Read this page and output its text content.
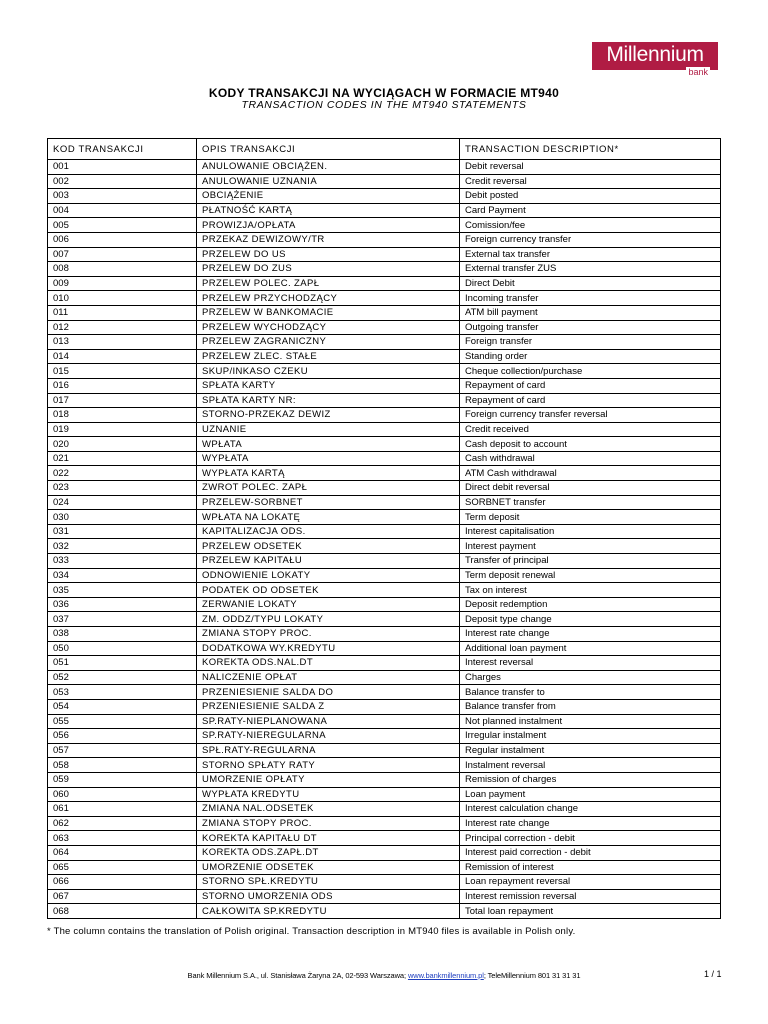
Millennium
bank
KODY TRANSAKCJI NA WYCIĄGACH W FORMACIE MT940
TRANSACTION CODES IN THE MT940 STATEMENTS
KOD TRANSAKCJI	OPIS TRANSAKCJI	TRANSACTION DESCRIPTION*
001	ANULOWANIE OBCIĄŻEN.	Debit reversal
002	ANULOWANIE UZNANIA	Credit reversal
003	OBCIĄŻENIE	Debit posted
004	PŁATNOŚĆ KARTĄ	Card Payment
005	PROWIZJA/OPŁATA	Comission/fee
006	PRZEKAZ DEWIZOWY/TR	Foreign currency transfer
007	PRZELEW DO US	External tax transfer
008	PRZELEW DO ZUS	External transfer ZUS
009	PRZELEW POLEC. ZAPŁ	Direct Debit
010	PRZELEW PRZYCHODZĄCY	Incoming transfer
011	PRZELEW W BANKOMACIE	ATM bill payment
012	PRZELEW WYCHODZĄCY	Outgoing transfer
013	PRZELEW ZAGRANICZNY	Foreign transfer
014	PRZELEW ZLEC. STAŁE	Standing order
015	SKUP/INKASO CZEKU	Cheque collection/purchase
016	SPŁATA KARTY	Repayment of card
017	SPŁATA KARTY NR:	Repayment of card
018	STORNO-PRZEKAZ DEWIZ	Foreign currency transfer reversal
019	UZNANIE	Credit received
020	WPŁATA	Cash deposit to account
021	WYPŁATA	Cash withdrawal
022	WYPŁATA KARTĄ	ATM Cash withdrawal
023	ZWROT POLEC. ZAPŁ	Direct debit reversal
024	PRZELEW-SORBNET	SORBNET transfer
030	WPŁATA NA LOKATĘ	Term deposit
031	KAPITALIZACJA ODS.	Interest capitalisation
032	PRZELEW ODSETEK	Interest payment
033	PRZELEW KAPITAŁU	Transfer of principal
034	ODNOWIENIE LOKATY	Term deposit renewal
035	PODATEK OD ODSETEK	Tax on interest
036	ZERWANIE LOKATY	Deposit redemption
037	ZM. ODDZ/TYPU LOKATY	Deposit type change
038	ZMIANA STOPY PROC.	Interest rate change
050	DODATKOWA WY.KREDYTU	Additional loan payment
051	KOREKTA ODS.NAL.DT	Interest reversal
052	NALICZENIE OPŁAT	Charges
053	PRZENIESIENIE SALDA DO	Balance transfer to
054	PRZENIESIENIE SALDA Z	Balance transfer from
055	SP.RATY-NIEPLANOWANA	Not planned instalment
056	SP.RATY-NIEREGULARNA	Irregular instalment
057	SPŁ.RATY-REGULARNA	Regular instalment
058	STORNO SPŁATY RATY	Instalment reversal
059	UMORZENIE OPŁATY	Remission of charges
060	WYPŁATA KREDYTU	Loan payment
061	ZMIANA NAL.ODSETEK	Interest calculation change
062	ZMIANA STOPY PROC.	Interest rate change
063	KOREKTA KAPITAŁU DT	Principal correction - debit
064	KOREKTA ODS.ZAPŁ.DT	Interest paid correction - debit
065	UMORZENIE ODSETEK	Remission of interest
066	STORNO SPŁ.KREDYTU	Loan repayment reversal
067	STORNO UMORZENIA ODS	Interest remission reversal
068	CAŁKOWITA SP.KREDYTU	Total loan repayment
* The column contains the translation of Polish original. Transaction description in MT940 files is available in Polish only.
Bank Millennium S.A., ul. Stanisława Żaryna 2A, 02-593 Warszawa; www.bankmillennium.pl; TeleMillennium 801 31 31 31	1 / 1
